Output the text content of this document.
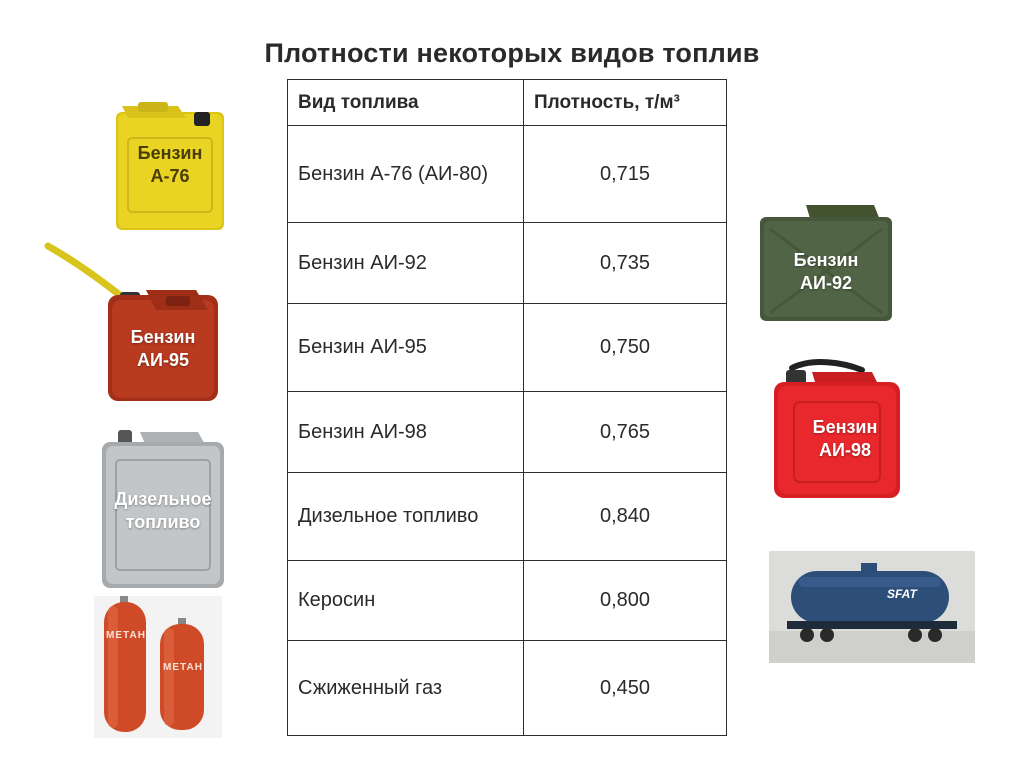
Плотности некоторых видов топлив
Вид топлива	Плотность, т/м³
Бензин А-76 (АИ-80)	0,715
Бензин АИ-92	0,735
Бензин АИ-95	0,750
Бензин АИ-98	0,765
Дизельное топливо	0,840
Керосин	0,800
Сжиженный газ	0,450
Бензин
А-76
Бензин
АИ-95
Дизельное
топливо
МЕТАН
МЕТАН
Бензин
АИ-92
Бензин
АИ-98
SFAT
